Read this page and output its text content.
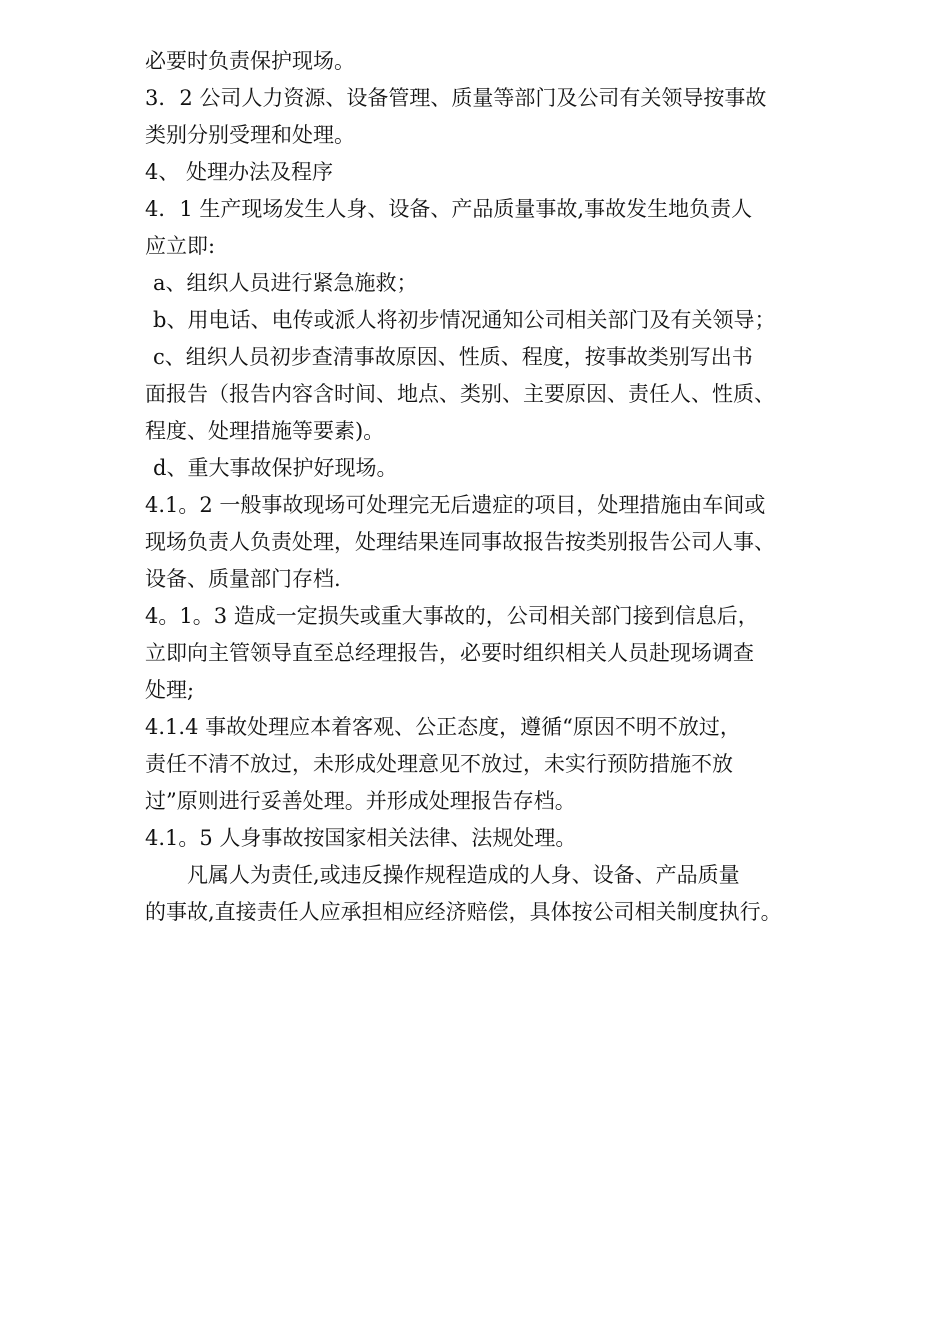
必要时负责保护现场。
3．2 公司人力资源、设备管理、质量等部门及公司有关领导按事故
类别分别受理和处理。
4、 处理办法及程序
4．1 生产现场发生人身、设备、产品质量事故,事故发生地负责人
应立即:
a、组织人员进行紧急施救；
b、用电话、电传或派人将初步情况通知公司相关部门及有关领导；
c、组织人员初步查清事故原因、性质、程度，按事故类别写出书
面报告（报告内容含时间、地点、类别、主要原因、责任人、性质、
程度、处理措施等要素)。
d、重大事故保护好现场。
4.1。2 一般事故现场可处理完无后遗症的项目，处理措施由车间或
现场负责人负责处理，处理结果连同事故报告按类别报告公司人事、
设备、质量部门存档.
4。1。3 造成一定损失或重大事故的，公司相关部门接到信息后，
立即向主管领导直至总经理报告，必要时组织相关人员赴现场调查
处理;
4.1.4 事故处理应本着客观、公正态度，遵循“原因不明不放过，
责任不清不放过，未形成处理意见不放过，未实行预防措施不放
过”原则进行妥善处理。并形成处理报告存档。
4.1。5 人身事故按国家相关法律、法规处理。
凡属人为责任,或违反操作规程造成的人身、设备、产品质量
的事故,直接责任人应承担相应经济赔偿，具体按公司相关制度执行。
